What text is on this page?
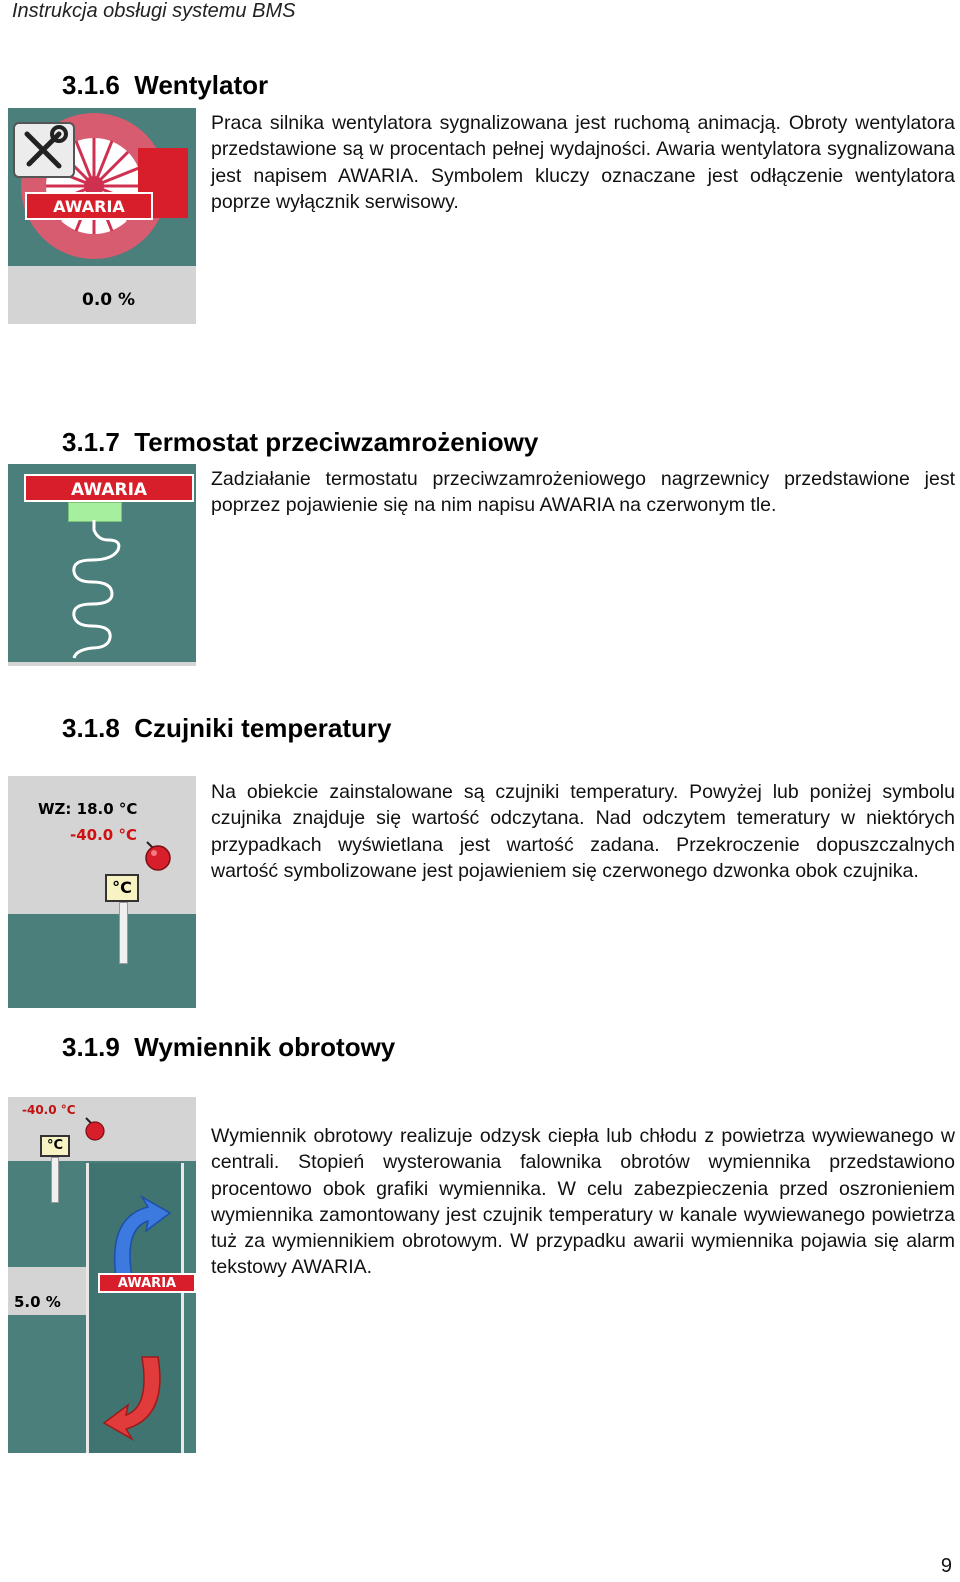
Instrukcja obsługi systemu BMS
3.1.6 Wentylator
AWARIA
0.0 %
Praca silnika wentylatora sygnalizowana jest ruchomą animacją. Obroty wentylatora przedstawione są w procentach pełnej wydajności. Awaria wentylatora sygnalizowana jest napisem AWARIA. Symbolem kluczy oznaczane jest odłączenie wentylatora poprze wyłącznik serwisowy.
3.1.7 Termostat przeciwzamrożeniowy
AWARIA	Zadziałanie termostatu przeciwzamrożeniowego nagrzewnicy przedstawione jest poprzez pojawienie się na nim napisu AWARIA na czerwonym tle.
3.1.8 Czujniki temperatury
WZ: 18.0 °C
-40.0 °C
°C
Na obiekcie zainstalowane są czujniki temperatury. Powyżej lub poniżej symbolu czujnika znajduje się wartość odczytana. Nad odczytem temeratury w niektórych przypadkach wyświetlana jest wartość zadana. Przekroczenie dopuszczalnych wartość symbolizowane jest pojawieniem się czerwonego dzwonka obok czujnika.
3.1.9 Wymiennik obrotowy
-40.0 °C
°C
AWARIA
5.0 %
Wymiennik obrotowy realizuje odzysk ciepła lub chłodu z powietrza wywiewanego w centrali. Stopień wysterowania falownika obrotów wymiennika przedstawiono procentowo obok grafiki wymiennika. W celu zabezpieczenia przed oszronieniem wymiennika zamontowany jest czujnik temperatury w kanale wywiewanego powietrza tuż za wymiennikiem obrotowym. W przypadku awarii wymiennika pojawia się alarm tekstowy AWARIA.
9
